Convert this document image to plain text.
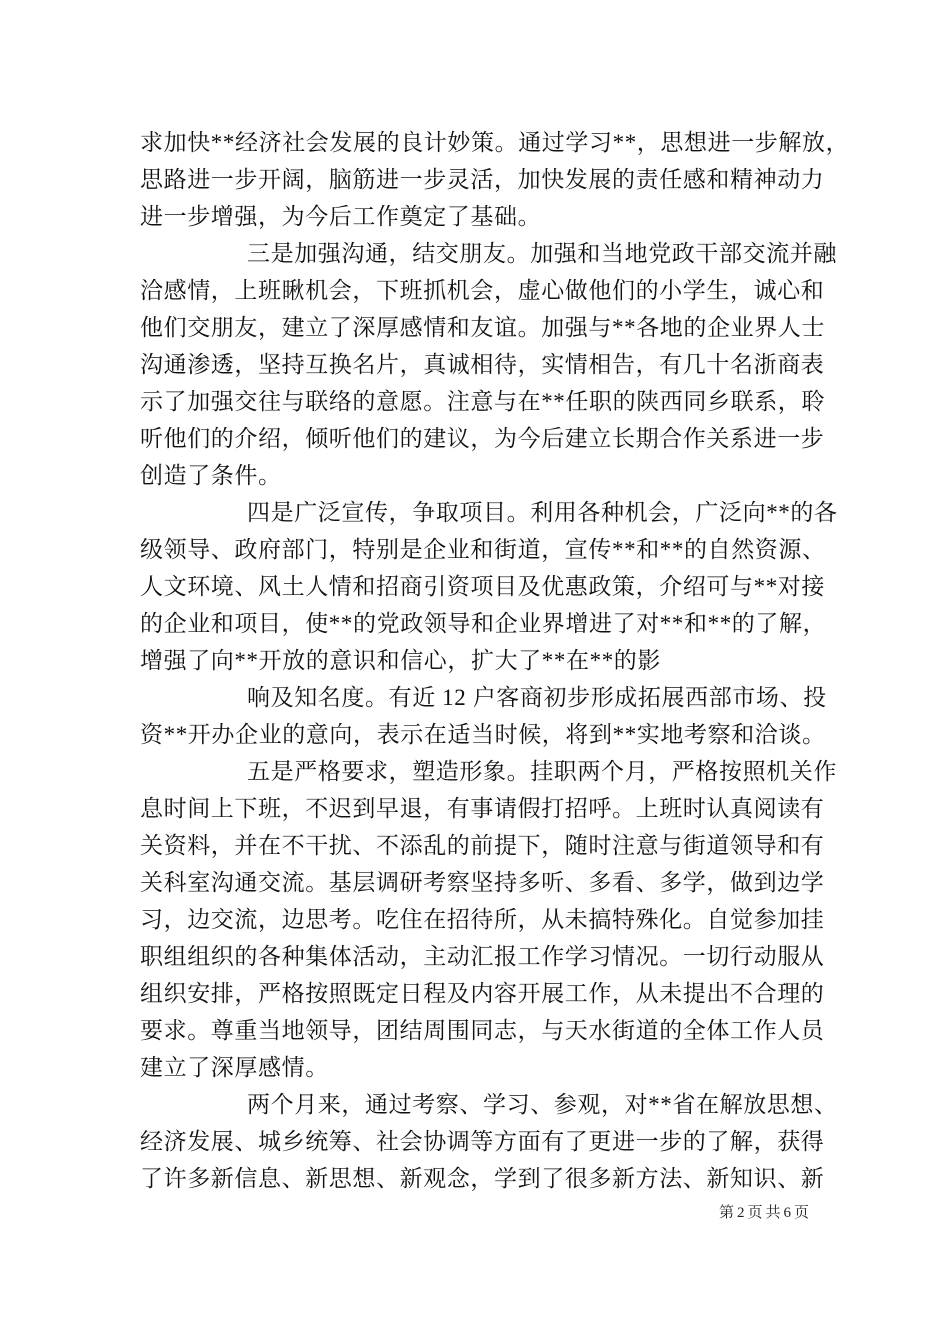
求加快**经济社会发展的良计妙策。通过学习**，思想进一步解放，
思路进一步开阔，脑筋进一步灵活，加快发展的责任感和精神动力
进一步增强，为今后工作奠定了基础。
三是加强沟通，结交朋友。加强和当地党政干部交流并融
洽感情，上班瞅机会，下班抓机会，虚心做他们的小学生，诚心和
他们交朋友，建立了深厚感情和友谊。加强与**各地的企业界人士
沟通渗透，坚持互换名片，真诚相待，实情相告，有几十名浙商表
示了加强交往与联络的意愿。注意与在**任职的陕西同乡联系，聆
听他们的介绍，倾听他们的建议，为今后建立长期合作关系进一步
创造了条件。
四是广泛宣传，争取项目。利用各种机会，广泛向**的各
级领导、政府部门，特别是企业和街道，宣传**和**的自然资源、
人文环境、风土人情和招商引资项目及优惠政策，介绍可与**对接
的企业和项目，使**的党政领导和企业界增进了对**和**的了解，
增强了向**开放的意识和信心，扩大了**在**的影
响及知名度。有近 12 户客商初步形成拓展西部市场、投
资**开办企业的意向，表示在适当时候，将到**实地考察和洽谈。
五是严格要求，塑造形象。挂职两个月，严格按照机关作
息时间上下班，不迟到早退，有事请假打招呼。上班时认真阅读有
关资料，并在不干扰、不添乱的前提下，随时注意与街道领导和有
关科室沟通交流。基层调研考察坚持多听、多看、多学，做到边学
习，边交流，边思考。吃住在招待所，从未搞特殊化。自觉参加挂
职组组织的各种集体活动，主动汇报工作学习情况。一切行动服从
组织安排，严格按照既定日程及内容开展工作，从未提出不合理的
要求。尊重当地领导，团结周围同志，与天水街道的全体工作人员
建立了深厚感情。
两个月来，通过考察、学习、参观，对**省在解放思想、
经济发展、城乡统筹、社会协调等方面有了更进一步的了解，获得
了许多新信息、新思想、新观念，学到了很多新方法、新知识、新
第2页共6页
